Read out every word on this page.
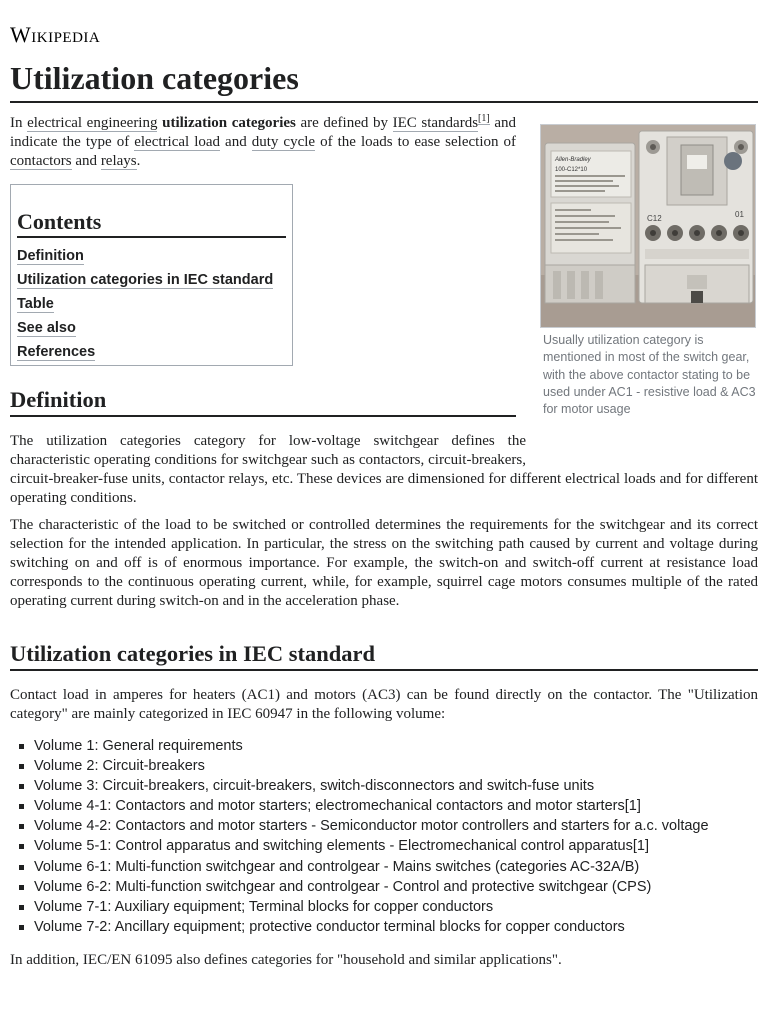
Wikipedia
Utilization categories

In electrical engineering utilization categories are defined by IEC standards[1] and indicate the type of electrical load and duty cycle of the loads to ease selection of contactors and relays.	Allen-Bradley
100-C12*10
C12	01
Usually utilization category is mentioned in most of the switch gear, with the above contactor stating to be used under AC1 - resistive load & AC3 for motor usage
Contents
Definition
Utilization categories in IEC standard
Table
See also
References
Definition

The utilization categories category for low-voltage switchgear defines the characteristic operating conditions for switchgear such as contactors, circuit-breakers, circuit-breaker-fuse units, contactor relays, etc. These devices are dimensioned for different electrical loads and for different operating conditions.

The characteristic of the load to be switched or controlled determines the requirements for the switchgear and its correct selection for the intended application. In particular, the stress on the switching path caused by current and voltage during switching on and off is of enormous importance. For example, the switch-on and switch-off current at resistance load corresponds to the continuous operating current, while, for example, squirrel cage motors consumes multiple of the rated operating current during switch-on and in the acceleration phase.

Utilization categories in IEC standard

Contact load in amperes for heaters (AC1) and motors (AC3) can be found directly on the contactor. The "Utilization category" are mainly categorized in IEC 60947 in the following volume:

Volume 1: General requirements
Volume 2: Circuit-breakers
Volume 3: Circuit-breakers, circuit-breakers, switch-disconnectors and switch-fuse units
Volume 4-1: Contactors and motor starters; electromechanical contactors and motor starters[1]
Volume 4-2: Contactors and motor starters - Semiconductor motor controllers and starters for a.c. voltage
Volume 5-1: Control apparatus and switching elements - Electromechanical control apparatus[1]
Volume 6-1: Multi-function switchgear and controlgear - Mains switches (categories AC-32A/B)
Volume 6-2: Multi-function switchgear and controlgear - Control and protective switchgear (CPS)
Volume 7-1: Auxiliary equipment; Terminal blocks for copper conductors
Volume 7-2: Ancillary equipment; protective conductor terminal blocks for copper conductors

In addition, IEC/EN 61095 also defines categories for "household and similar applications".
